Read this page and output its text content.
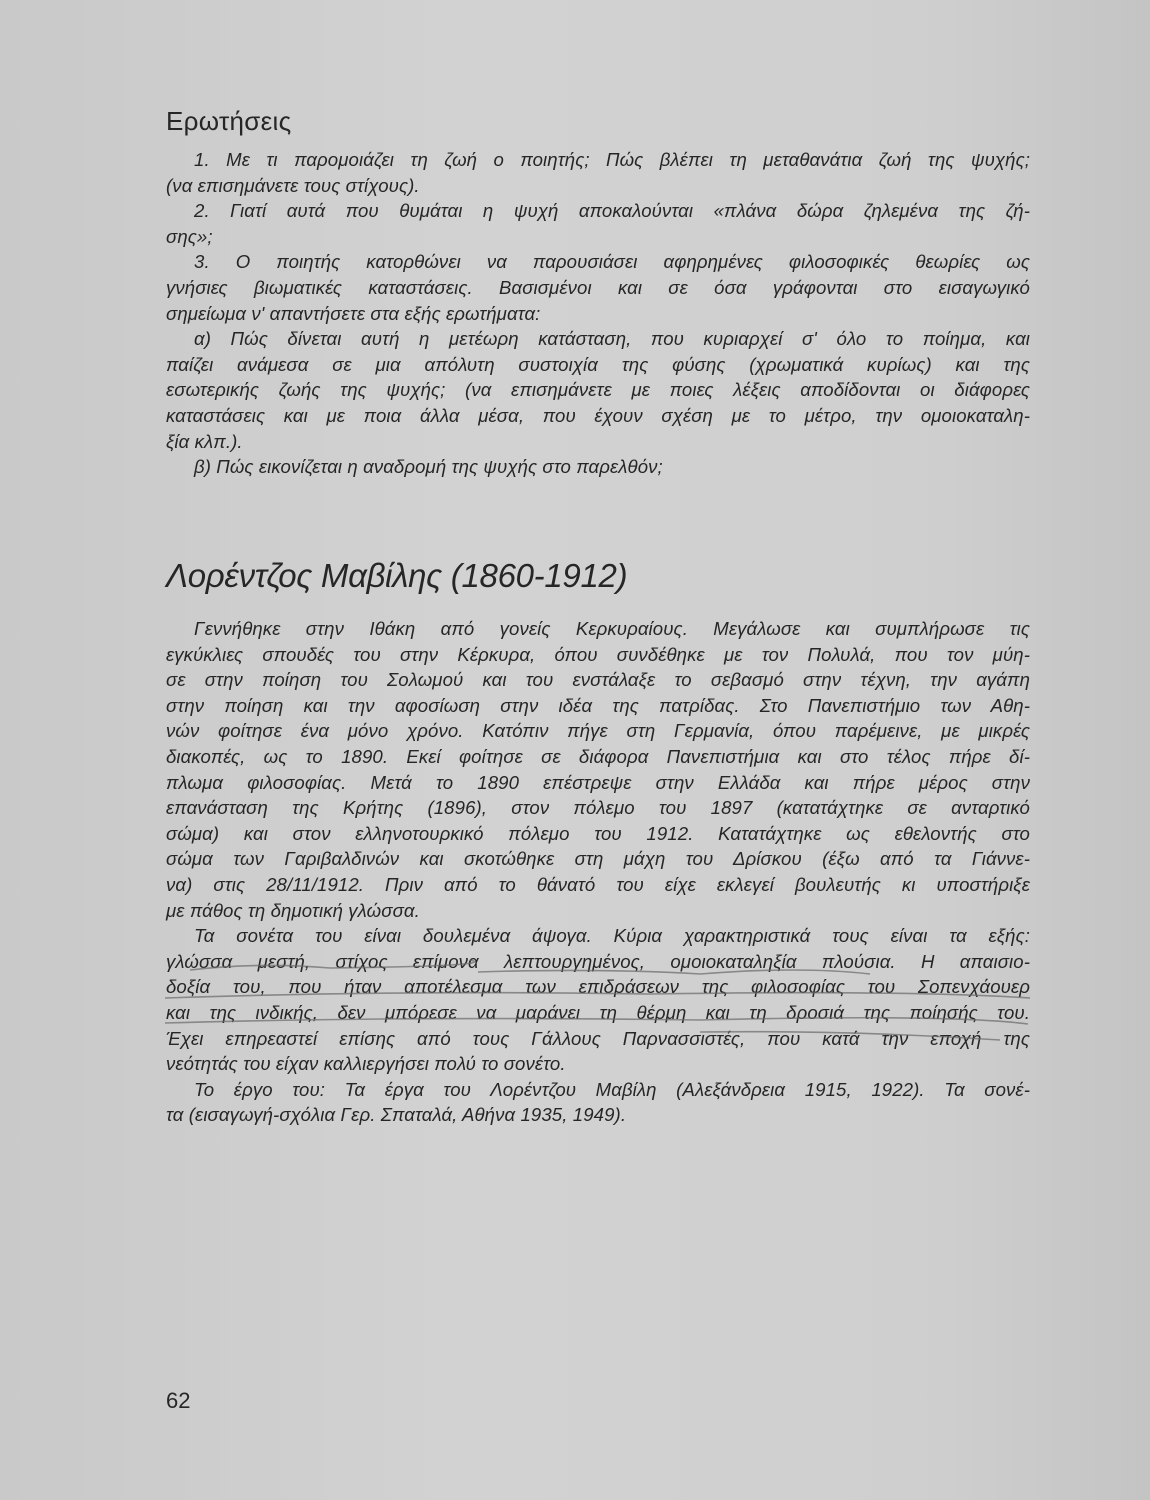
Ερωτήσεις
1. Με τι παρομοιάζει τη ζωή ο ποιητής; Πώς βλέπει τη μεταθανάτια ζωή της ψυχής;
(να επισημάνετε τους στίχους).
2. Γιατί αυτά που θυμάται η ψυχή αποκαλούνται «πλάνα δώρα ζηλεμένα της ζή-
σης»;
3. Ο ποιητής κατορθώνει να παρουσιάσει αφηρημένες φιλοσοφικές θεωρίες ως
γνήσιες βιωματικές καταστάσεις. Βασισμένοι και σε όσα γράφονται στο εισαγωγικό
σημείωμα ν' απαντήσετε στα εξής ερωτήματα:
α) Πώς δίνεται αυτή η μετέωρη κατάσταση, που κυριαρχεί σ' όλο το ποίημα, και
παίζει ανάμεσα σε μια απόλυτη συστοιχία της φύσης (χρωματικά κυρίως) και της
εσωτερικής ζωής της ψυχής; (να επισημάνετε με ποιες λέξεις αποδίδονται οι διάφορες
καταστάσεις και με ποια άλλα μέσα, που έχουν σχέση με το μέτρο, την ομοιοκαταλη-
ξία κλπ.).
β) Πώς εικονίζεται η αναδρομή της ψυχής στο παρελθόν;
Λορέντζος Μαβίλης (1860-1912)
Γεννήθηκε στην Ιθάκη από γονείς Κερκυραίους. Μεγάλωσε και συμπλήρωσε τις
εγκύκλιες σπουδές του στην Κέρκυρα, όπου συνδέθηκε με τον Πολυλά, που τον μύη-
σε στην ποίηση του Σολωμού και του ενστάλαξε το σεβασμό στην τέχνη, την αγάπη
στην ποίηση και την αφοσίωση στην ιδέα της πατρίδας. Στο Πανεπιστήμιο των Αθη-
νών φοίτησε ένα μόνο χρόνο. Κατόπιν πήγε στη Γερμανία, όπου παρέμεινε, με μικρές
διακοπές, ως το 1890. Εκεί φοίτησε σε διάφορα Πανεπιστήμια και στο τέλος πήρε δί-
πλωμα φιλοσοφίας. Μετά το 1890 επέστρεψε στην Ελλάδα και πήρε μέρος στην
επανάσταση της Κρήτης (1896), στον πόλεμο του 1897 (κατατάχτηκε σε ανταρτικό
σώμα) και στον ελληνοτουρκικό πόλεμο του 1912. Κατατάχτηκε ως εθελοντής στο
σώμα των Γαριβαλδινών και σκοτώθηκε στη μάχη του Δρίσκου (έξω από τα Γιάννε-
να) στις 28/11/1912. Πριν από το θάνατό του είχε εκλεγεί βουλευτής κι υποστήριξε
με πάθος τη δημοτική γλώσσα.
Τα σονέτα του είναι δουλεμένα άψογα. Κύρια χαρακτηριστικά τους είναι τα εξής:
γλώσσα μεστή, στίχος επίμονα λεπτουργημένος, ομοιοκαταληξία πλούσια. Η απαισιο-
δοξία του, που ήταν αποτέλεσμα των επιδράσεων της φιλοσοφίας του Σοπενχάουερ
και της ινδικής, δεν μπόρεσε να μαράνει τη θέρμη και τη δροσιά της ποίησής του.
Έχει επηρεαστεί επίσης από τους Γάλλους Παρνασσιστές, που κατά την εποχή της
νεότητάς του είχαν καλλιεργήσει πολύ το σονέτο.
Το έργο του: Τα έργα του Λορέντζου Μαβίλη (Αλεξάνδρεια 1915, 1922). Τα σονέ-
τα (εισαγωγή-σχόλια Γερ. Σπαταλά, Αθήνα 1935, 1949).
62
